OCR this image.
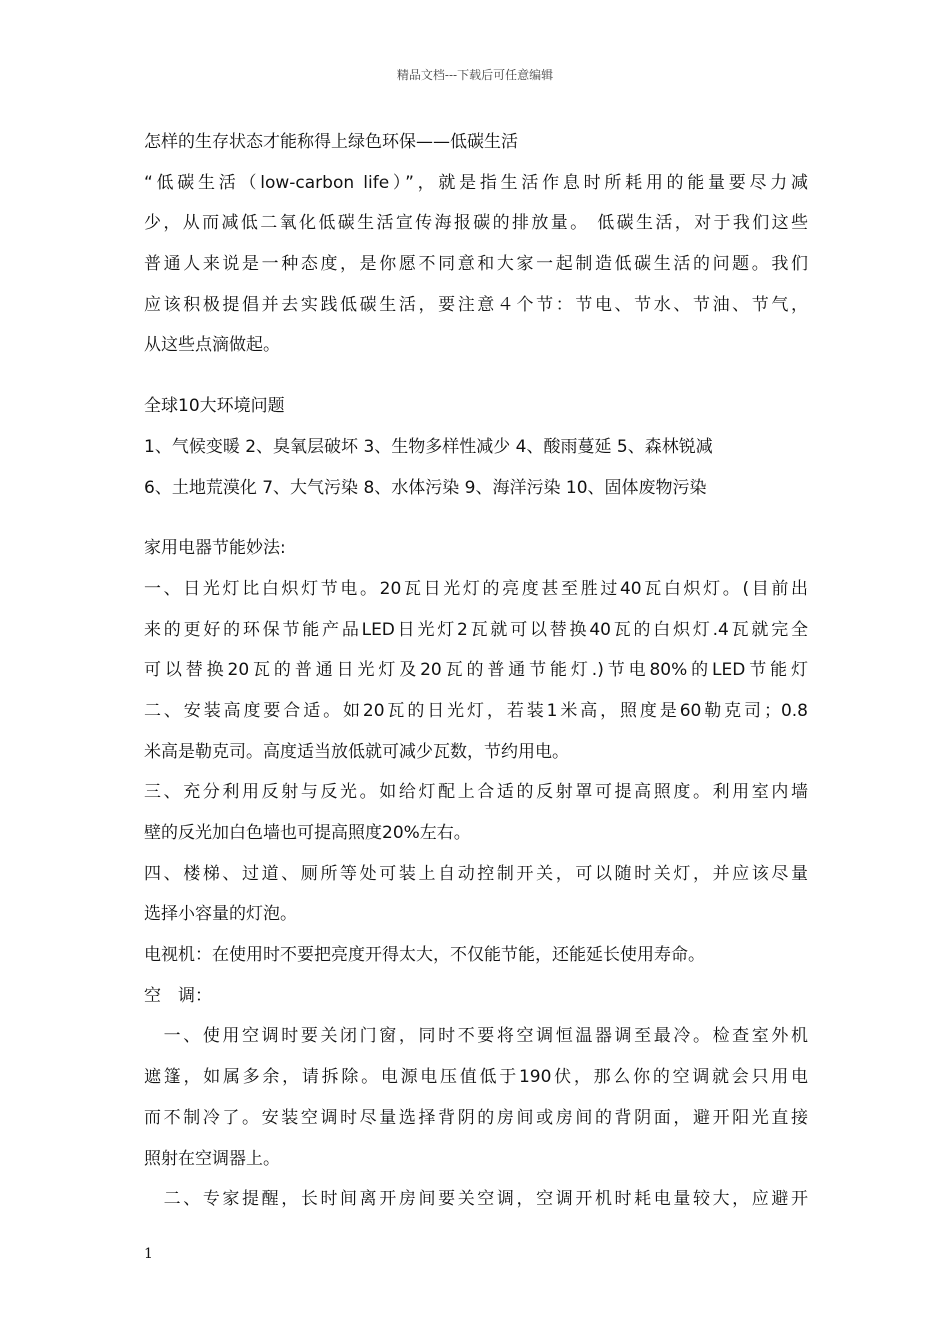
精品文档---下载后可任意编辑
怎样的生存状态才能称得上绿色环保——低碳生活
“低碳生活（low-carbon life）”，就是指生活作息时所耗用的能量要尽力减
少，从而减低二氧化低碳生活宣传海报碳的排放量。 低碳生活，对于我们这些
普通人来说是一种态度，是你愿不同意和大家一起制造低碳生活的问题。我们
应该积极提倡并去实践低碳生活，要注意４个节：节电、节水、节油、节气，
从这些点滴做起。
全球10大环境问题
1、气候变暖 2、臭氧层破坏 3、生物多样性减少 4、酸雨蔓延 5、森林锐减
6、土地荒漠化 7、大气污染 8、水体污染 9、海洋污染 10、固体废物污染
家用电器节能妙法:
一、日光灯比白炽灯节电。20瓦日光灯的亮度甚至胜过40瓦白炽灯。(目前出
来的更好的环保节能产品LED日光灯2瓦就可以替换40瓦的白炽灯.4瓦就完全
可以替换20瓦的普通日光灯及20瓦的普通节能灯.)节电80%的LED节能灯
二、安装高度要合适。如20瓦的日光灯，若装1米高，照度是60勒克司；0.8
米高是勒克司。高度适当放低就可减少瓦数，节约用电。
三、充分利用反射与反光。如给灯配上合适的反射罩可提高照度。利用室内墙
壁的反光加白色墙也可提高照度20%左右。
四、楼梯、过道、厕所等处可装上自动控制开关，可以随时关灯，并应该尽量
选择小容量的灯泡。
电视机：在使用时不要把亮度开得太大，不仅能节能，还能延长使用寿命。
空　调：
　一、使用空调时要关闭门窗，同时不要将空调恒温器调至最冷。检查室外机
遮篷，如属多余，请拆除。电源电压值低于190伏，那么你的空调就会只用电
而不制冷了。安装空调时尽量选择背阴的房间或房间的背阴面，避开阳光直接
照射在空调器上。
　二、专家提醒，长时间离开房间要关空调，空调开机时耗电量较大，应避开
1
